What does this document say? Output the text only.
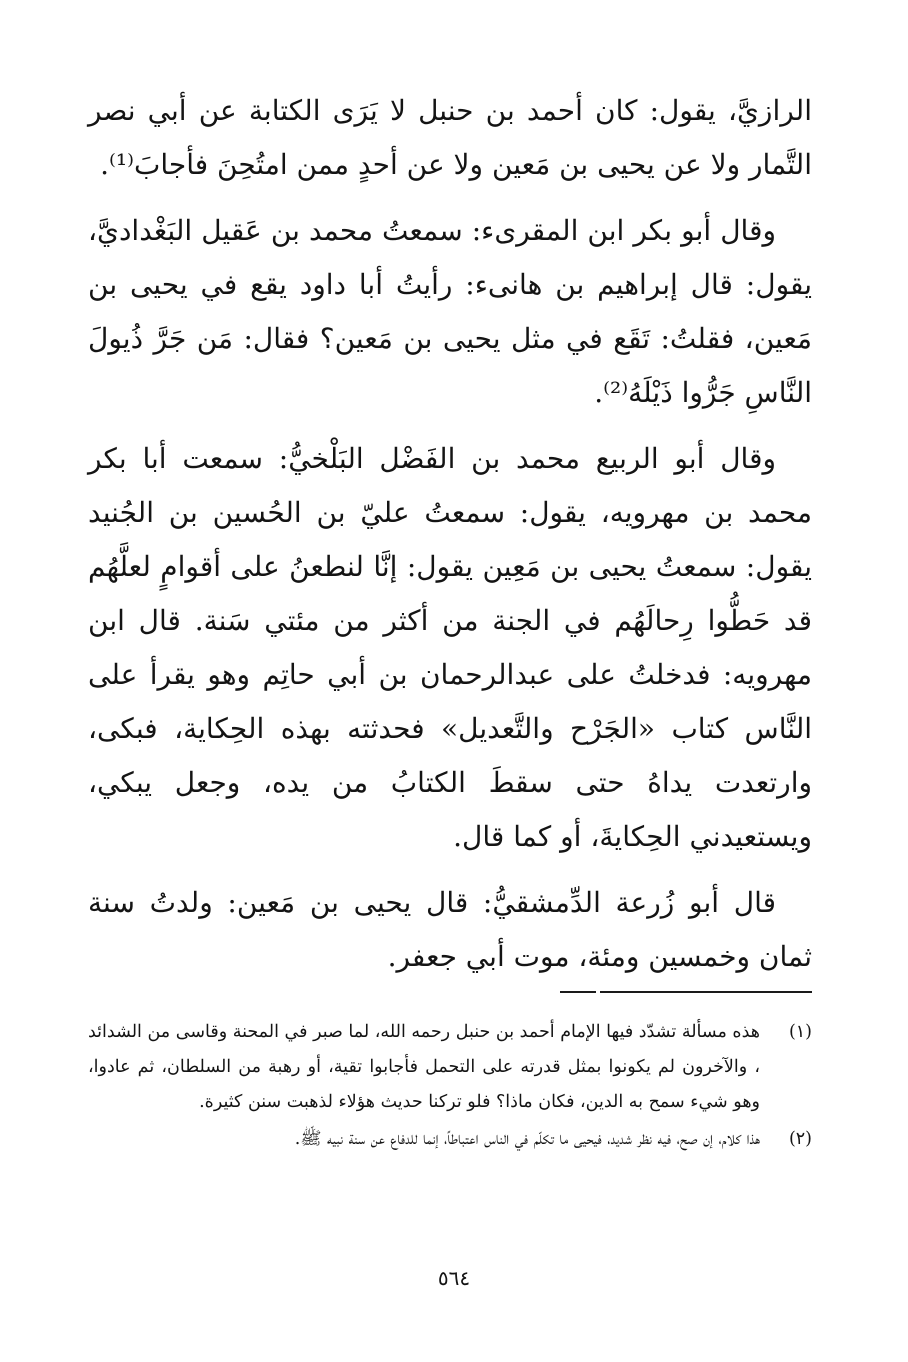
الرازيَّ، يقول: كان أحمد بن حنبل لا يَرَى الكتابة عن أبي نصر التَّمار ولا عن يحيى بن مَعين ولا عن أحدٍ ممن امتُحِنَ فأجابَ⁽¹⁾.

وقال أبو بكر ابن المقرىء: سمعتُ محمد بن عَقيل البَغْداديَّ، يقول: قال إبراهيم بن هانىء: رأيتُ أبا داود يقع في يحيى بن مَعين، فقلتُ: تَقَع في مثل يحيى بن مَعين؟ فقال: مَن جَرَّ ذُيولَ النَّاسِ جَرُّوا ذَيْلَهُ⁽²⁾.

وقال أبو الربيع محمد بن الفَضْل البَلْخيُّ: سمعت أبا بكر محمد بن مهرويه، يقول: سمعتُ عليّ بن الحُسين بن الجُنيد يقول: سمعتُ يحيى بن مَعِين يقول: إنَّا لنطعنُ على أقوامٍ لعلَّهُم قد حَطُّوا رِحالَهُم في الجنة من أكثر من مئتي سَنة. قال ابن مهرويه: فدخلتُ على عبدالرحمان بن أبي حاتِم وهو يقرأ على النَّاس كتاب «الجَرْح والتَّعديل» فحدثته بهذه الحِكاية، فبكى، وارتعدت يداهُ حتى سقطَ الكتابُ من يده، وجعل يبكي، ويستعيدني الحِكايةَ، أو كما قال.

قال أبو زُرعة الدِّمشقيُّ: قال يحيى بن مَعين: ولدتُ سنة ثمان وخمسين ومئة، موت أبي جعفر.

(١)
هذه مسألة تشدّد فيها الإمام أحمد بن حنبل رحمه الله، لما صبر في المحنة وقاسى من الشدائد ، والآخرون لم يكونوا بمثل قدرته على التحمل فأجابوا تقية، أو رهبة من السلطان، ثم عادوا، وهو شيء سمح به الدين، فكان ماذا؟ فلو تركنا حديث هؤلاء لذهبت سنن كثيرة.
(٢)
هذا كلام، إن صح، فيه نظر شديد، فيحيى ما تكلّم في الناس اعتباطاً، إنما للدفاع عن سنة نبيه ﷺ.
٥٦٤
